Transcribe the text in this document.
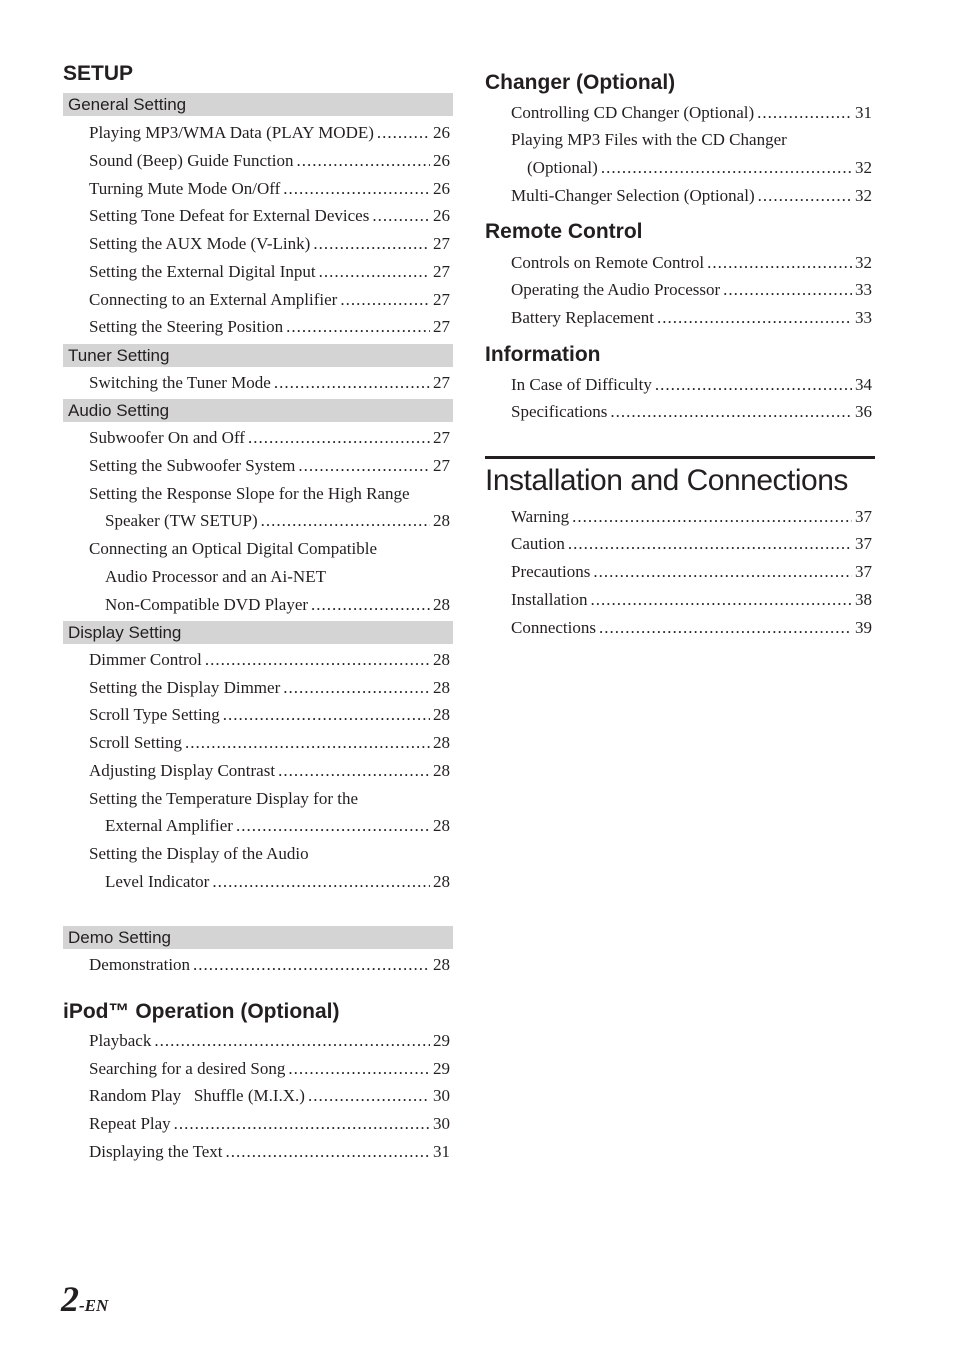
SETUP
General Setting
Playing MP3/WMA Data (PLAY MODE) .....	26
Sound (Beep) Guide Function .....	26
Turning Mute Mode On/Off .....	26
Setting Tone Defeat for External Devices .....	26
Setting the AUX Mode (V-Link) .....	27
Setting the External Digital Input .....	27
Connecting to an External Amplifier .....	27
Setting the Steering Position .....	27
Tuner Setting
Switching the Tuner Mode .....	27
Audio Setting
Subwoofer On and Off .....	27
Setting the Subwoofer System .....	27
Setting the Response Slope for the High Range
Speaker (TW SETUP) .....	28
Connecting an Optical Digital Compatible
Audio Processor and an Ai-NET
Non-Compatible DVD Player .....	28
Display Setting
Dimmer Control .....	28
Setting the Display Dimmer .....	28
Scroll Type Setting .....	28
Scroll Setting .....	28
Adjusting Display Contrast .....	28
Setting the Temperature Display for the
External Amplifier .....	28
Setting the Display of the Audio
Level Indicator .....	28
Demo Setting
Demonstration .....	28
iPod™ Operation (Optional)
Playback .....	29
Searching for a desired Song .....	29
Random Play   Shuffle (M.I.X.) .....	30
Repeat Play .....	30
Displaying the Text .....	31
Changer (Optional)
Controlling CD Changer (Optional) .....	31
Playing MP3 Files with the CD Changer
(Optional) .....	32
Multi-Changer Selection (Optional) .....	32
Remote Control
Controls on Remote Control .....	32
Operating the Audio Processor .....	33
Battery Replacement .....	33
Information
In Case of Difficulty .....	34
Specifications .....	36
Installation and Connections
Warning .....	37
Caution .....	37
Precautions .....	37
Installation .....	38
Connections .....	39
2-EN
